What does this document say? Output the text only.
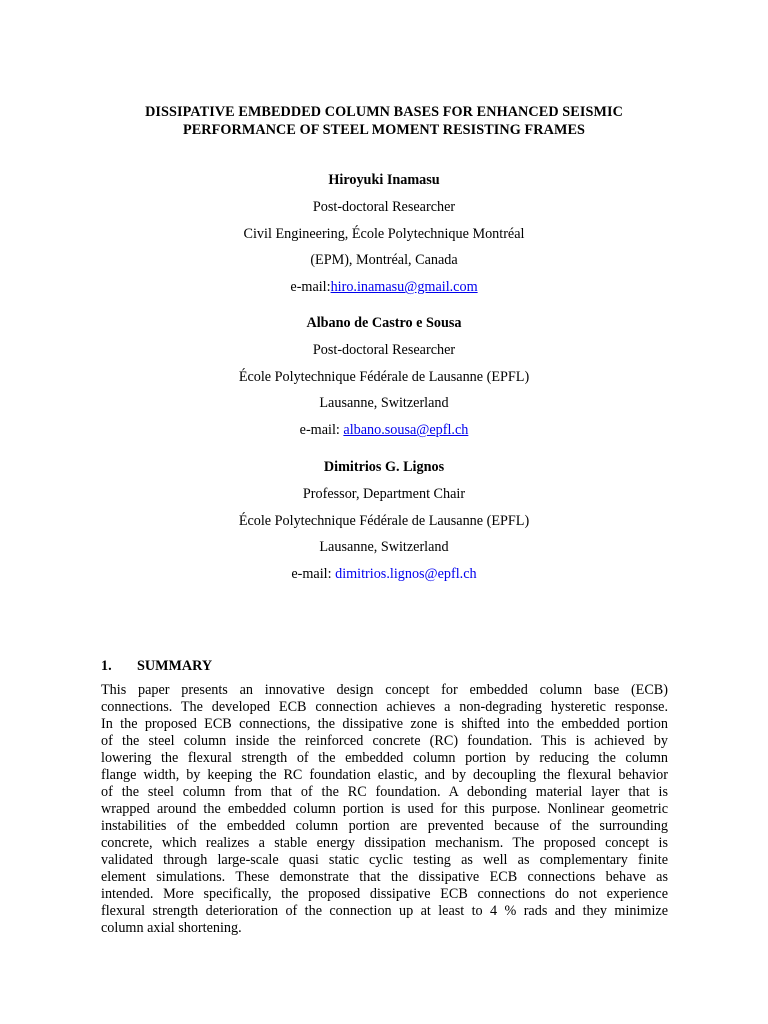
DISSIPATIVE EMBEDDED COLUMN BASES FOR ENHANCED SEISMIC
PERFORMANCE OF STEEL MOMENT RESISTING FRAMES
Hiroyuki Inamasu
Post-doctoral Researcher
Civil Engineering, École Polytechnique Montréal
(EPM), Montréal, Canada
e-mail:hiro.inamasu@gmail.com
Albano de Castro e Sousa
Post-doctoral Researcher
École Polytechnique Fédérale de Lausanne (EPFL)
Lausanne, Switzerland
e-mail: albano.sousa@epfl.ch
Dimitrios G. Lignos
Professor, Department Chair
École Polytechnique Fédérale de Lausanne (EPFL)
Lausanne, Switzerland
e-mail: dimitrios.lignos@epfl.ch
1. SUMMARY
This paper presents an innovative design concept for embedded column base (ECB)
connections. The developed ECB connection achieves a non-degrading hysteretic response.
In the proposed ECB connections, the dissipative zone is shifted into the embedded portion
of the steel column inside the reinforced concrete (RC) foundation. This is achieved by
lowering the flexural strength of the embedded column portion by reducing the column
flange width, by keeping the RC foundation elastic, and by decoupling the flexural behavior
of the steel column from that of the RC foundation. A debonding material layer that is
wrapped around the embedded column portion is used for this purpose. Nonlinear geometric
instabilities of the embedded column portion are prevented because of the surrounding
concrete, which realizes a stable energy dissipation mechanism. The proposed concept is
validated through large-scale quasi static cyclic testing as well as complementary finite
element simulations. These demonstrate that the dissipative ECB connections behave as
intended. More specifically, the proposed dissipative ECB connections do not experience
flexural strength deterioration of the connection up at least to 4 % rads and they minimize
column axial shortening.
